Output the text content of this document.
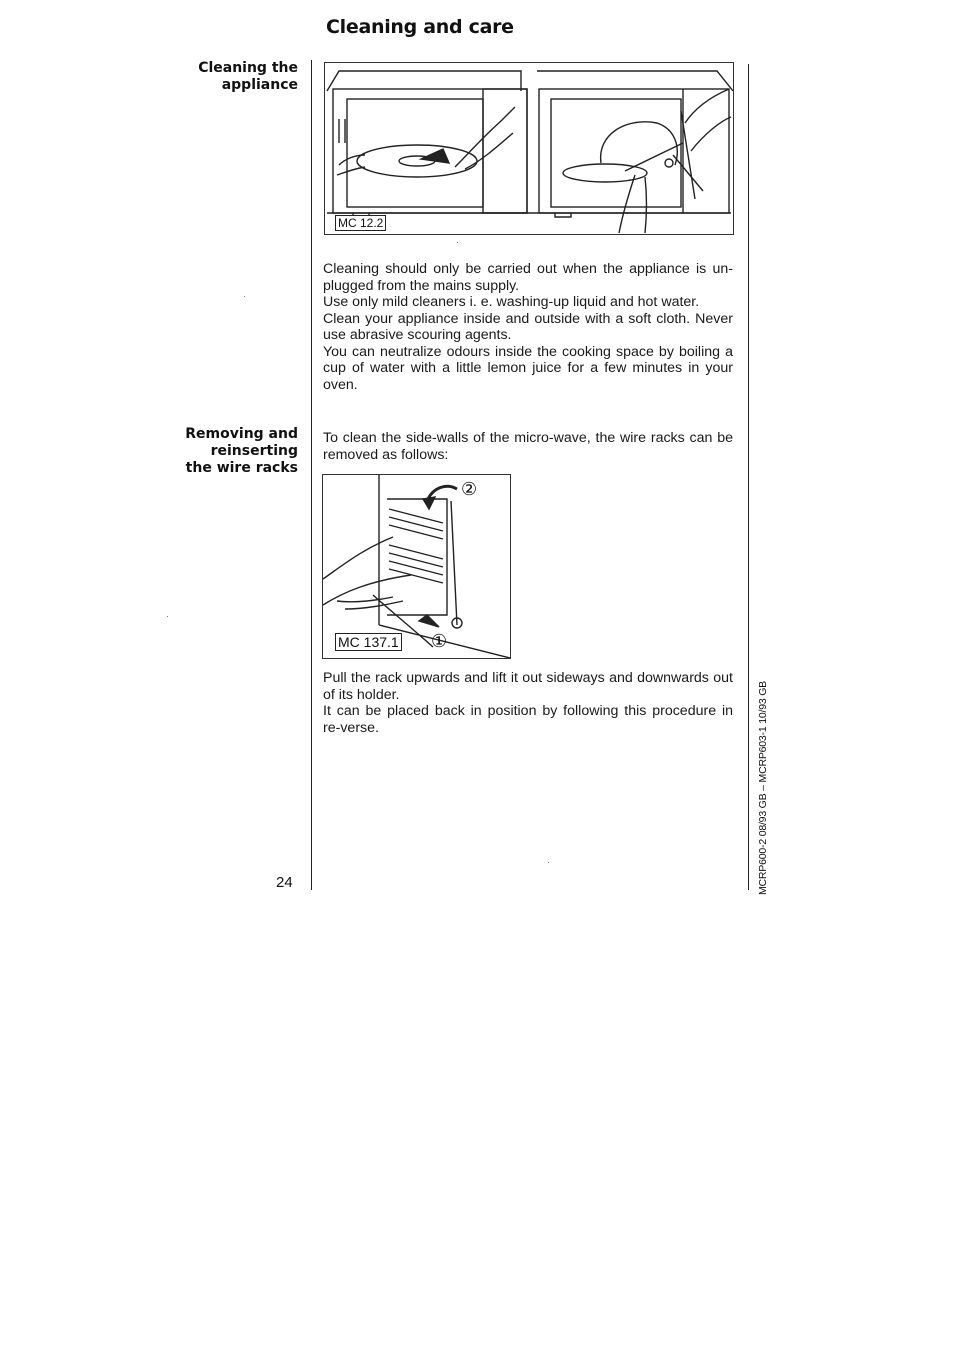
Cleaning and care
Cleaning the
appliance
MC 12.2

Cleaning should only be carried out when the appliance is un-plugged from the mains supply.

Use only mild cleaners i. e. washing-up liquid and hot water.

Clean your appliance inside and outside with a soft cloth. Never use abrasive scouring agents.

You can neutralize odours inside the cooking space by boiling a cup of water with a little lemon juice for a few minutes in your oven.

Removing and
reinserting
the wire racks

To clean the side-walls of the micro-wave, the wire racks can be removed as follows:

MC 137.1 ①
②

Pull the rack upwards and lift it out sideways and downwards out of its holder.

It can be placed back in position by following this procedure in re-verse.

24	MCRP600-2 08/93 GB – MCRP603-1 10/93 GB
